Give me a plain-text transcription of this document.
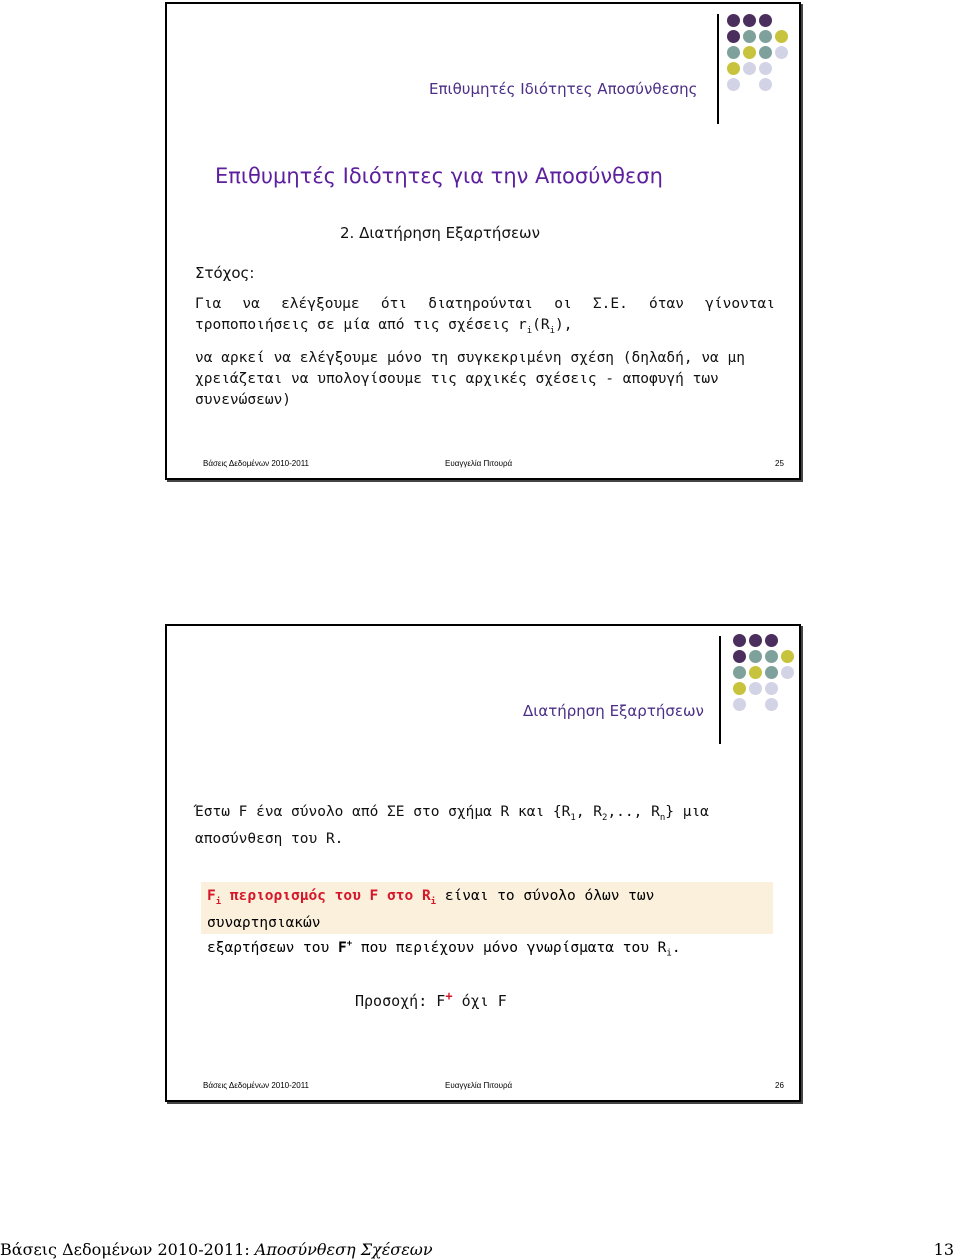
Επιθυμητές Ιδιότητες Αποσύνθεσης
Επιθυμητές Ιδιότητες για την Αποσύνθεση
2. Διατήρηση Εξαρτήσεων
Στόχος:
Για να ελέγξουμε ότι διατηρούνται οι Σ.Ε. όταν γίνονται
τροποποιήσεις σε μία από τις σχέσεις $r_i(R_i)$,
να αρκεί να ελέγξουμε μόνο τη συγκεκριμένη σχέση (δηλαδή, να μη
χρειάζεται να υπολογίσουμε τις αρχικές σχέσεις - αποφυγή των
συνενώσεων)
Βάσεις Δεδομένων 2010-2011	Ευαγγελία Πιτουρά	25
Διατήρηση Εξαρτήσεων
Έστω F ένα σύνολο από ΣΕ στο σχήμα R και {$R_1$, $R_2$,.., $R_n$} μια
αποσύνθεση του R.
$F_i$ περιορισμός του F στο $R_i$ είναι το σύνολο όλων των συναρτησιακών
εξαρτήσεων του F+ που περιέχουν μόνο γνωρίσματα του $R_i$.
Προσοχή: F+ όχι F
Βάσεις Δεδομένων 2010-2011	Ευαγγελία Πιτουρά	26
Βάσεις Δεδομένων 2010-2011: Αποσύνθεση Σχέσεων	13
